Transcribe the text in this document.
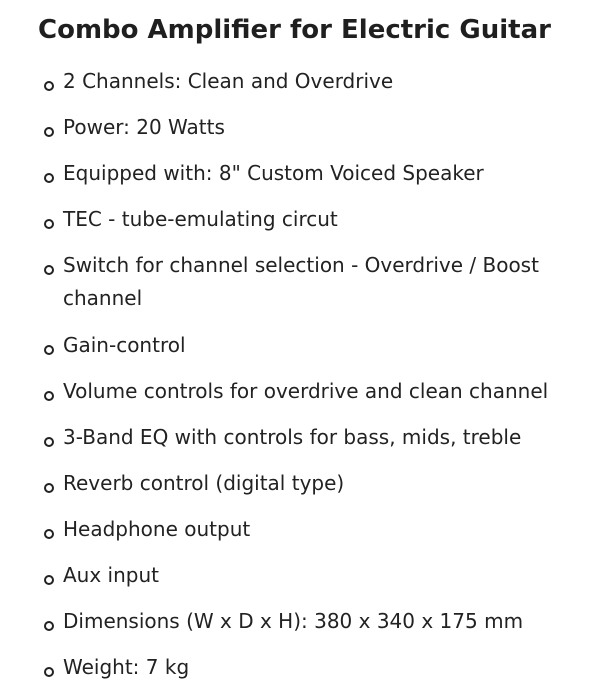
Combo Amplifier for Electric Guitar
2 Channels: Clean and Overdrive
Power: 20 Watts
Equipped with: 8" Custom Voiced Speaker
TEC - tube-emulating circut
Switch for channel selection - Overdrive / Boost channel
Gain-control
Volume controls for overdrive and clean channel
3-Band EQ with controls for bass, mids, treble
Reverb control (digital type)
Headphone output
Aux input
Dimensions (W x D x H): 380 x 340 x 175 mm
Weight: 7 kg
